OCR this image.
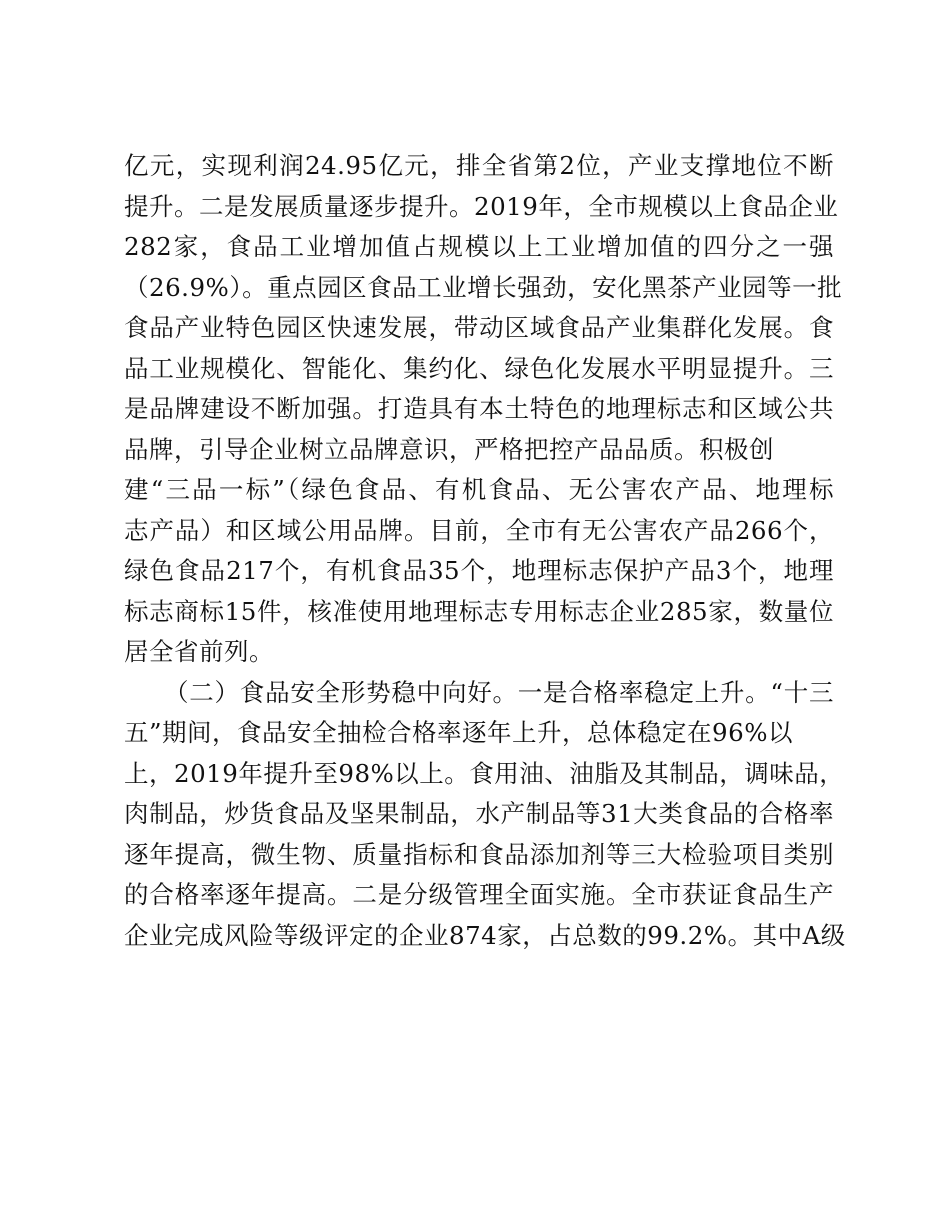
亿元，实现利润24.95亿元，排全省第2位，产业支撑地位不断
提升。二是发展质量逐步提升。2019年，全市规模以上食品企业
282家，食品工业增加值占规模以上工业增加值的四分之一强
（26.9%）。重点园区食品工业增长强劲，安化黑茶产业园等一批
食品产业特色园区快速发展，带动区域食品产业集群化发展。食
品工业规模化、智能化、集约化、绿色化发展水平明显提升。三
是品牌建设不断加强。打造具有本土特色的地理标志和区域公共
品牌，引导企业树立品牌意识，严格把控产品品质。积极创
建“三品一标”（绿色食品、有机食品、无公害农产品、地理标
志产品）和区域公用品牌。目前，全市有无公害农产品266个，
绿色食品217个，有机食品35个，地理标志保护产品3个，地理
标志商标15件，核准使用地理标志专用标志企业285家，数量位
居全省前列。
（二）食品安全形势稳中向好。一是合格率稳定上升。“十三
五”期间，食品安全抽检合格率逐年上升，总体稳定在96%以
上，2019年提升至98%以上。食用油、油脂及其制品，调味品，
肉制品，炒货食品及坚果制品，水产制品等31大类食品的合格率
逐年提高，微生物、质量指标和食品添加剂等三大检验项目类别
的合格率逐年提高。二是分级管理全面实施。全市获证食品生产
企业完成风险等级评定的企业874家，占总数的99.2%。其中A级
